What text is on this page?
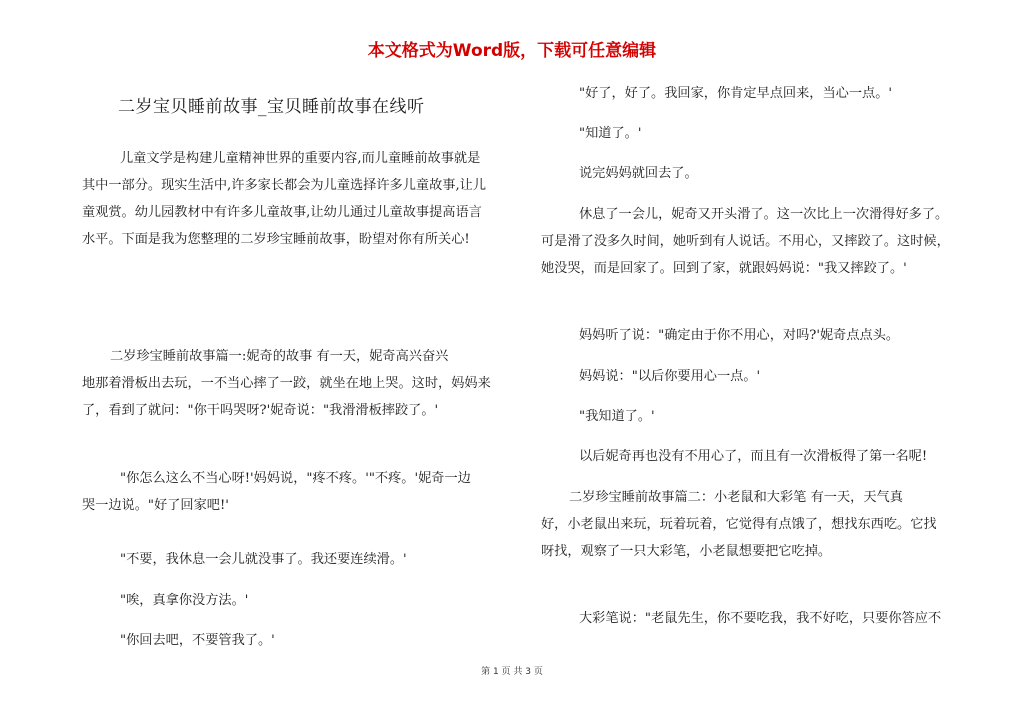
本文格式为Word版，下载可任意编辑
二岁宝贝睡前故事_宝贝睡前故事在线听
儿童文学是构建儿童精神世界的重要内容,而儿童睡前故事就是
其中一部分。现实生活中,许多家长都会为儿童选择许多儿童故事,让儿
童观赏。幼儿园教材中有许多儿童故事,让幼儿通过儿童故事提高语言
水平。下面是我为您整理的二岁珍宝睡前故事，盼望对你有所关心!
二岁珍宝睡前故事篇一:妮奇的故事 有一天，妮奇高兴奋兴
地那着滑板出去玩，一不当心摔了一跤，就坐在地上哭。这时，妈妈来
了，看到了就问："你干吗哭呀?'妮奇说："我滑滑板摔跤了。'
"你怎么这么不当心呀!'妈妈说，"疼不疼。'"不疼。'妮奇一边
哭一边说。"好了回家吧!'
"不要，我休息一会儿就没事了。我还要连续滑。'
"唉，真拿你没方法。'
"你回去吧，不要管我了。'
"好了，好了。我回家，你肯定早点回来，当心一点。'
"知道了。'
说完妈妈就回去了。
休息了一会儿，妮奇又开头滑了。这一次比上一次滑得好多了。
可是滑了没多久时间，她听到有人说话。不用心，又摔跤了。这时候，
她没哭，而是回家了。回到了家，就跟妈妈说："我又摔跤了。'
妈妈听了说："确定由于你不用心，对吗?'妮奇点点头。
妈妈说："以后你要用心一点。'
"我知道了。'
以后妮奇再也没有不用心了，而且有一次滑板得了第一名呢!
二岁珍宝睡前故事篇二：小老鼠和大彩笔 有一天，天气真
好，小老鼠出来玩，玩着玩着，它觉得有点饿了，想找东西吃。它找
呀找，观察了一只大彩笔，小老鼠想要把它吃掉。
大彩笔说："老鼠先生，你不要吃我，我不好吃，只要你答应不
第 1 页 共 3 页
